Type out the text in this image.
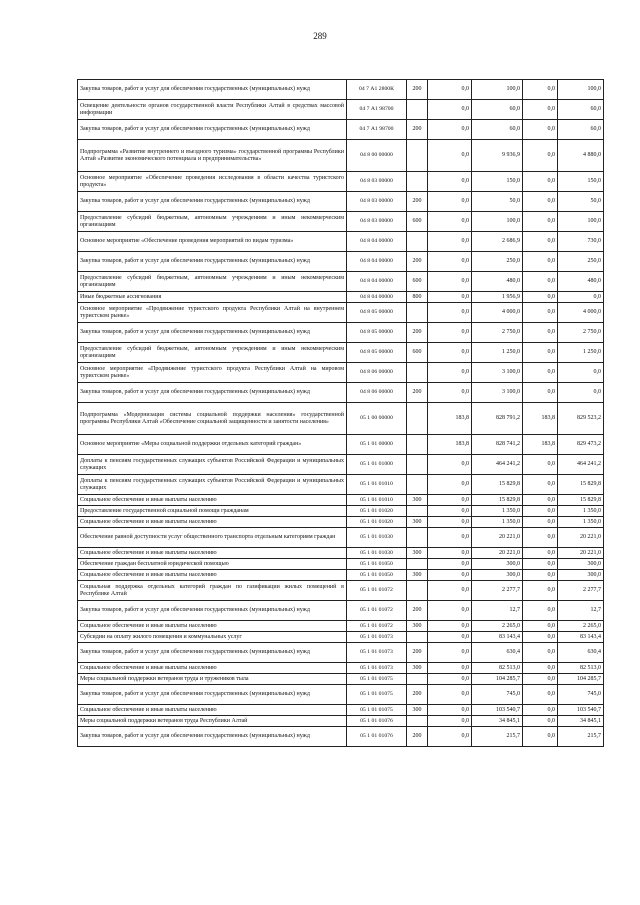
289
Закупка товаров, работ и услуг для обеспечения государственных (муниципальных) нужд	04 7 А1 2800К	200	0,0	100,0	0,0	100,0
Освещение деятельности органов государственной власти Республики Алтай в средствах массовой информации	04 7 А1 98700		0,0	60,0	0,0	60,0
Закупка товаров, работ и услуг для обеспечения государственных (муниципальных) нужд	04 7 А1 98700	200	0,0	60,0	0,0	60,0
Подпрограмма «Развитие внутреннего и въездного туризма» государственной программы Республики Алтай «Развитие экономического потенциала и предпринимательства»	04 8 00 00000		0,0	9 936,9	0,0	4 880,0
Основное мероприятие «Обеспечение проведения исследования в области качества туристского продукта»	04 8 03 00000		0,0	150,0	0,0	150,0
Закупка товаров, работ и услуг для обеспечения государственных (муниципальных) нужд	04 8 03 00000	200	0,0	50,0	0,0	50,0
Предоставление субсидий бюджетным, автономным учреждениям и иным некоммерческим организациям	04 8 03 00000	600	0,0	100,0	0,0	100,0
Основное мероприятие «Обеспечение проведения мероприятий по видам туризма»	04 8 04 00000		0,0	2 686,9	0,0	730,0
Закупка товаров, работ и услуг для обеспечения государственных (муниципальных) нужд	04 8 04 00000	200	0,0	250,0	0,0	250,0
Предоставление субсидий бюджетным, автономным учреждениям и иным некоммерческим организациям	04 8 04 00000	600	0,0	480,0	0,0	480,0
Иные бюджетные ассигнования	04 8 04 00000	800	0,0	1 956,9	0,0	0,0
Основное мероприятие «Продвижение туристского продукта Республики Алтай на внутреннем туристском рынке»	04 8 05 00000		0,0	4 000,0	0,0	4 000,0
Закупка товаров, работ и услуг для обеспечения государственных (муниципальных) нужд	04 8 05 00000	200	0,0	2 750,0	0,0	2 750,0
Предоставление субсидий бюджетным, автономным учреждениям и иным некоммерческим организациям	04 8 05 00000	600	0,0	1 250,0	0,0	1 250,0
Основное мероприятие «Продвижение туристского продукта Республики Алтай на мировом туристском рынке»	04 8 06 00000		0,0	3 100,0	0,0	0,0
Закупка товаров, работ и услуг для обеспечения государственных (муниципальных) нужд	04 8 06 00000	200	0,0	3 100,0	0,0	0,0
Подпрограмма «Модернизация системы социальной поддержки населения» государственной программы Республики Алтай «Обеспечение социальной защищенности и занятости населения»	05 1 00 00000		183,8	828 791,2	183,8	829 523,2
Основное мероприятие «Меры социальной поддержки отдельных категорий граждан»	05 1 01 00000		183,8	828 741,2	183,8	829 473,2
Доплаты к пенсиям государственных служащих субъектов Российской Федерации и муниципальных служащих	05 1 01 01000		0,0	464 241,2	0,0	464 241,2
Доплаты к пенсиям государственных служащих субъектов Российской Федерации и муниципальных служащих	05 1 01 01010		0,0	15 829,8	0,0	15 829,8
Социальное обеспечение и иные выплаты населению	05 1 01 01010	300	0,0	15 829,8	0,0	15 829,8
Предоставление государственной социальной помощи гражданам	05 1 01 01020		0,0	1 350,0	0,0	1 350,0
Социальное обеспечение и иные выплаты населению	05 1 01 01020	300	0,0	1 350,0	0,0	1 350,0
Обеспечение равной доступности услуг общественного транспорта отдельным категориям граждан	05 1 01 01030		0,0	20 221,0	0,0	20 221,0
Социальное обеспечение и иные выплаты населению	05 1 01 01030	300	0,0	20 221,0	0,0	20 221,0
Обеспечение граждан бесплатной юридической помощью	05 1 01 01050		0,0	300,0	0,0	300,0
Социальное обеспечение и иные выплаты населению	05 1 01 01050	300	0,0	300,0	0,0	300,0
Социальная поддержка отдельных категорий граждан по газификации жилых помещений в Республике Алтай	05 1 01 01072		0,0	2 277,7	0,0	2 277,7
Закупка товаров, работ и услуг для обеспечения государственных (муниципальных) нужд	05 1 01 01072	200	0,0	12,7	0,0	12,7
Социальное обеспечение и иные выплаты населению	05 1 01 01072	300	0,0	2 265,0	0,0	2 265,0
Субсидии на оплату жилого помещения и коммунальных услуг	05 1 01 01073		0,0	83 143,4	0,0	83 143,4
Закупка товаров, работ и услуг для обеспечения государственных (муниципальных) нужд	05 1 01 01073	200	0,0	630,4	0,0	630,4
Социальное обеспечение и иные выплаты населению	05 1 01 01073	300	0,0	82 513,0	0,0	82 513,0
Меры социальной поддержки ветеранов труда и тружеников тыла	05 1 01 01075		0,0	104 285,7	0,0	104 285,7
Закупка товаров, работ и услуг для обеспечения государственных (муниципальных) нужд	05 1 01 01075	200	0,0	745,0	0,0	745,0
Социальное обеспечение и иные выплаты населению	05 1 01 01075	300	0,0	103 540,7	0,0	103 540,7
Меры социальной поддержки ветеранов труда Республики Алтай	05 1 01 01076		0,0	34 845,1	0,0	34 845,1
Закупка товаров, работ и услуг для обеспечения государственных (муниципальных) нужд	05 1 01 01076	200	0,0	215,7	0,0	215,7
